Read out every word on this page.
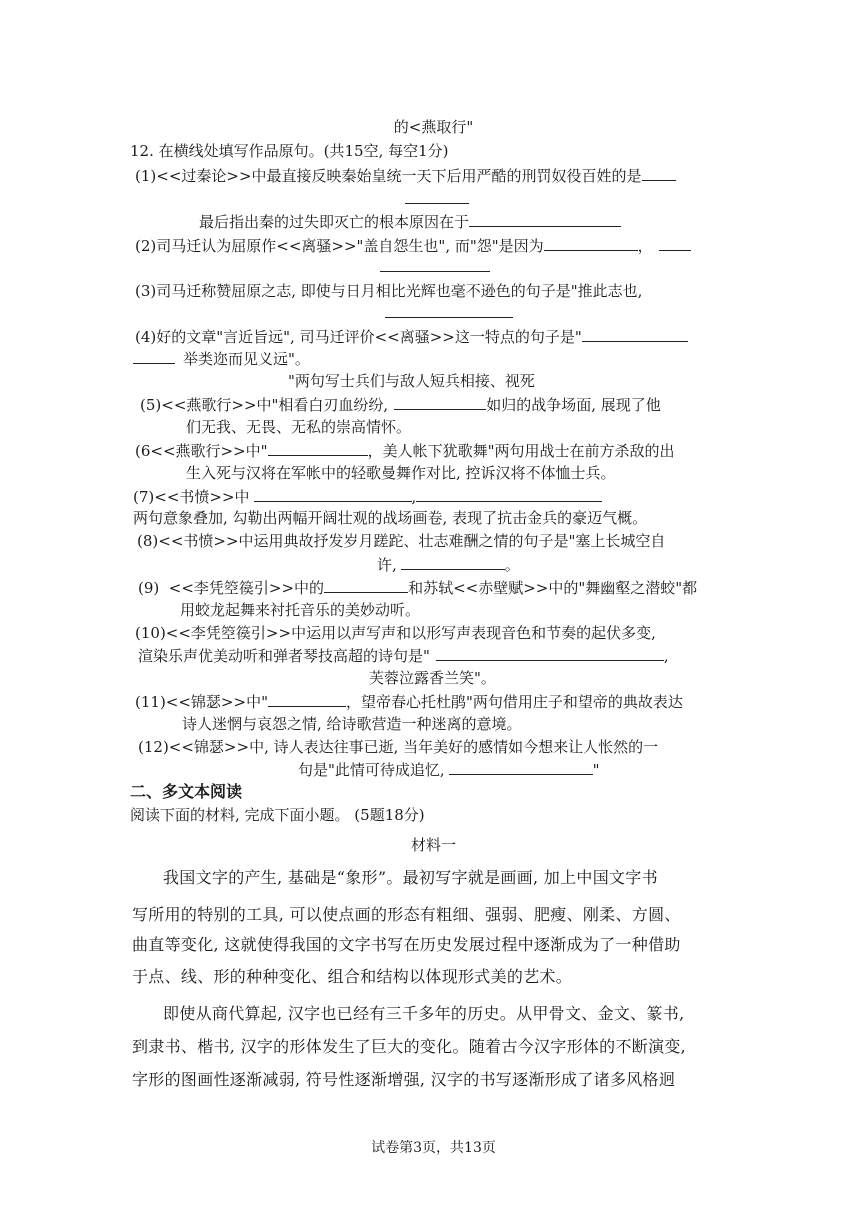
的<燕取行"
12. 在横线处填写作品原句。(共15空, 每空1分)
(1)<<过秦论>>中最直接反映秦始皇统一天下后用严酷的刑罚奴役百姓的是
最后指出秦的过失即灭亡的根本原因在于
(2)司马迁认为屈原作<<离骚>>"盖自怨生也", 而"怨"是因为	，
(3)司马迁称赞屈原之志, 即使与日月相比光辉也毫不逊色的句子是"推此志也,
(4)好的文章"言近旨远", 司马迁评价<<离骚>>这一特点的句子是"
举类迩而见义远"。
"两句写士兵们与敌人短兵相接、视死
(5)<<燕歌行>>中"相看白刃血纷纷,	如归的战争场面, 展现了他
们无我、无畏、无私的崇高情怀。
(6<<燕歌行>>中"	，美人帐下犹歌舞"两句用战士在前方杀敌的出
生入死与汉将在军帐中的轻歌曼舞作对比, 控诉汉将不体恤士兵。
(7)<<书愤>>中	,
两句意象叠加, 勾勒出两幅开阔壮观的战场画卷, 表现了抗击金兵的豪迈气概。
(8)<<书愤>>中运用典故抒发岁月蹉跎、壮志难酬之情的句子是"塞上长城空自
许,	。
(9)  <<李凭箜篌引>>中的	和苏轼<<赤壁赋>>中的"舞幽壑之潜蛟"都
用蛟龙起舞来衬托音乐的美妙动听。
(10)<<李凭箜篌引>>中运用以声写声和以形写声表现音色和节奏的起伏多变,
渲染乐声优美动听和弹者琴技高超的诗句是"	,
芙蓉泣露香兰笑"。
(11)<<锦瑟>>中"	，望帝春心托杜鹃"两句借用庄子和望帝的典故表达
诗人迷惘与哀怨之情, 给诗歌营造一种迷离的意境。
(12)<<锦瑟>>中, 诗人表达往事已逝, 当年美好的感情如今想来让人怅然的一
句是"此情可待成追忆,	"
二、多文本阅读
阅读下面的材料, 完成下面小题。 (5题18分)
材料一
我国文字的产生, 基础是“象形”。最初写字就是画画, 加上中国文字书
写所用的特别的工具, 可以使点画的形态有粗细、强弱、肥瘦、刚柔、方圆、
曲直等变化, 这就使得我国的文字书写在历史发展过程中逐渐成为了一种借助
于点、线、形的种种变化、组合和结构以体现形式美的艺术。
即使从商代算起, 汉字也已经有三千多年的历史。从甲骨文、金文、篆书,
到隶书、楷书, 汉字的形体发生了巨大的变化。随着古今汉字形体的不断演变,
字形的图画性逐渐减弱, 符号性逐渐增强, 汉字的书写逐渐形成了诸多风格迥
试卷第3页，共13页
